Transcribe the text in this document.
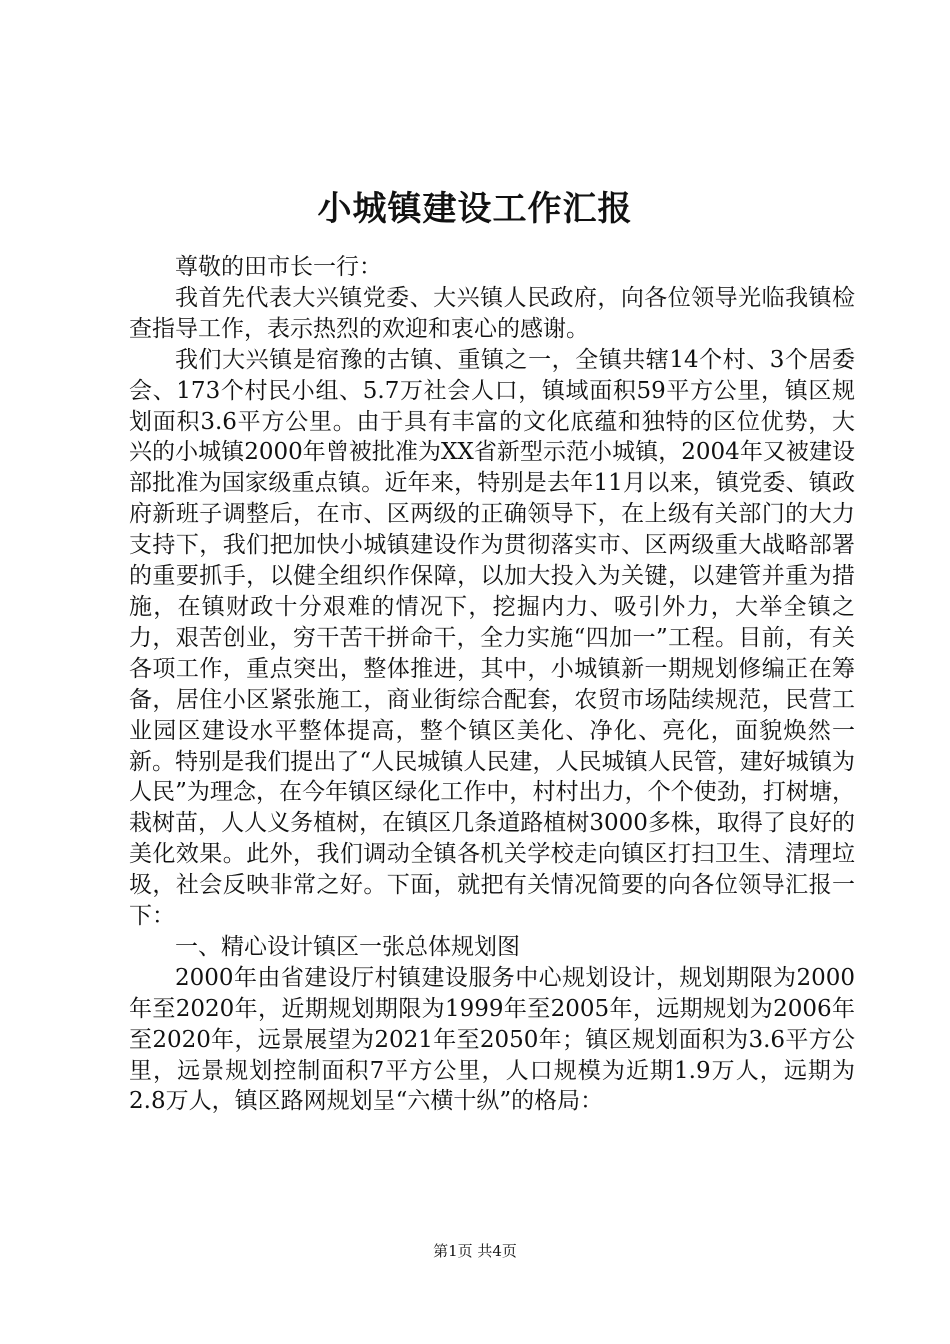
小城镇建设工作汇报

尊敬的田市长一行：

我首先代表大兴镇党委、大兴镇人民政府，向各位领导光临我镇检查指导工作，表示热烈的欢迎和衷心的感谢。

我们大兴镇是宿豫的古镇、重镇之一，全镇共辖14个村、3个居委会、173个村民小组、5.7万社会人口，镇域面积59平方公里，镇区规划面积3.6平方公里。由于具有丰富的文化底蕴和独特的区位优势，大兴的小城镇2000年曾被批准为XX省新型示范小城镇，2004年又被建设部批准为国家级重点镇。近年来，特别是去年11月以来，镇党委、镇政府新班子调整后，在市、区两级的正确领导下，在上级有关部门的大力支持下，我们把加快小城镇建设作为贯彻落实市、区两级重大战略部署的重要抓手，以健全组织作保障，以加大投入为关键，以建管并重为措施，在镇财政十分艰难的情况下，挖掘内力、吸引外力，大举全镇之力，艰苦创业，穷干苦干拼命干，全力实施“四加一”工程。目前，有关各项工作，重点突出，整体推进，其中，小城镇新一期规划修编正在筹备，居住小区紧张施工，商业街综合配套，农贸市场陆续规范，民营工业园区建设水平整体提高，整个镇区美化、净化、亮化，面貌焕然一新。特别是我们提出了“人民城镇人民建，人民城镇人民管，建好城镇为人民”为理念，在今年镇区绿化工作中，村村出力，个个使劲，打树塘，栽树苗，人人义务植树，在镇区几条道路植树3000多株，取得了良好的美化效果。此外，我们调动全镇各机关学校走向镇区打扫卫生、清理垃圾，社会反映非常之好。下面，就把有关情况简要的向各位领导汇报一下：

一、精心设计镇区一张总体规划图

2000年由省建设厅村镇建设服务中心规划设计，规划期限为2000年至2020年，近期规划期限为1999年至2005年，远期规划为2006年至2020年，远景展望为2021年至2050年；镇区规划面积为3.6平方公里，远景规划控制面积7平方公里，人口规模为近期1.9万人，远期为2.8万人，镇区路网规划呈“六横十纵”的格局：

第1页 共4页
